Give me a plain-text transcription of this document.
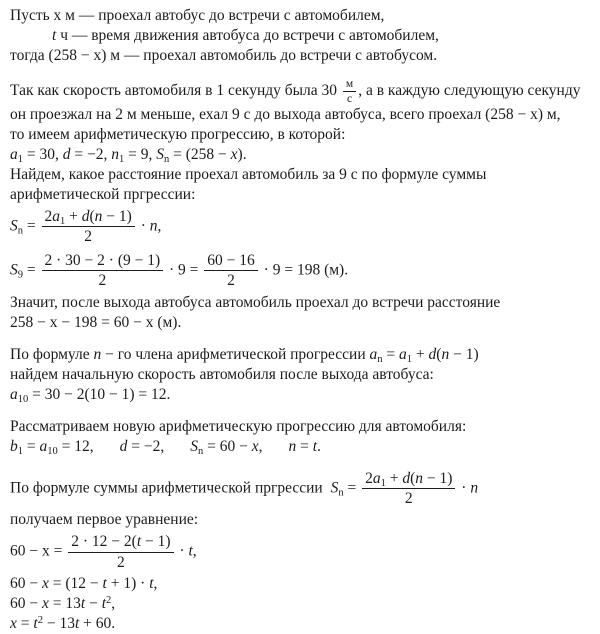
Пусть х м — проехал автобус до встречи с автомобилем,
t ч — время движения автобуса до встречи с автомобилем,
тогда (258 − х) м — проехал автомобиль до встречи с автобусом.
Так как скорость автомобиля в 1 секунду была $30 \frac{м}{с}$ , а в каждую следующую секунду
он проезжал на 2 м меньше, ехал 9 с до выхода автобуса, всего проехал (258 − х) м,
то имеем арифметическую прогрессию, в которой:
$a_1 = 30$, d = −2, $n_1 = 9$, $S_n = (258 - x)$.
Найдем, какое расстояние проехал автомобиль за 9 с по формуле суммы
арифметической пргрессии:
$S_n = \frac{2a_1 + d(n - 1)}{2} \cdot n$,
$S_9 = \frac{2 \cdot 30 - 2 \cdot (9 - 1)}{2} \cdot 9 = \frac{60 - 16}{2} \cdot 9 = 198$ (м).
Значит, после выхода автобуса автомобиль проехал до встречи расстояние
258 − х − 198 = 60 − х (м).
По формуле n − го члена арифметической прогрессии $a_n = a_1 + d(n - 1)$
найдем начальную скорость автомобиля после выхода автобуса:
$a_{10} = 30 - 2(10 - 1) = 12$.
Рассматриваем новую арифметическую прогрессию для автомобиля:
$b_1 = a_{10} = 12$, d = −2, $S_n = 60 - x$, n = t.
По формуле суммы арифметической пргрессии $S_n = \frac{2a_1 + d(n - 1)}{2} \cdot n$
получаем первое уравнение:
$60 - x = \frac{2 \cdot 12 - 2(t - 1)}{2} \cdot t$,
60 − x = (12 − t + 1) · t,
$60 - x = 13t - t^2$,
$x = t^2 - 13t + 60$.
